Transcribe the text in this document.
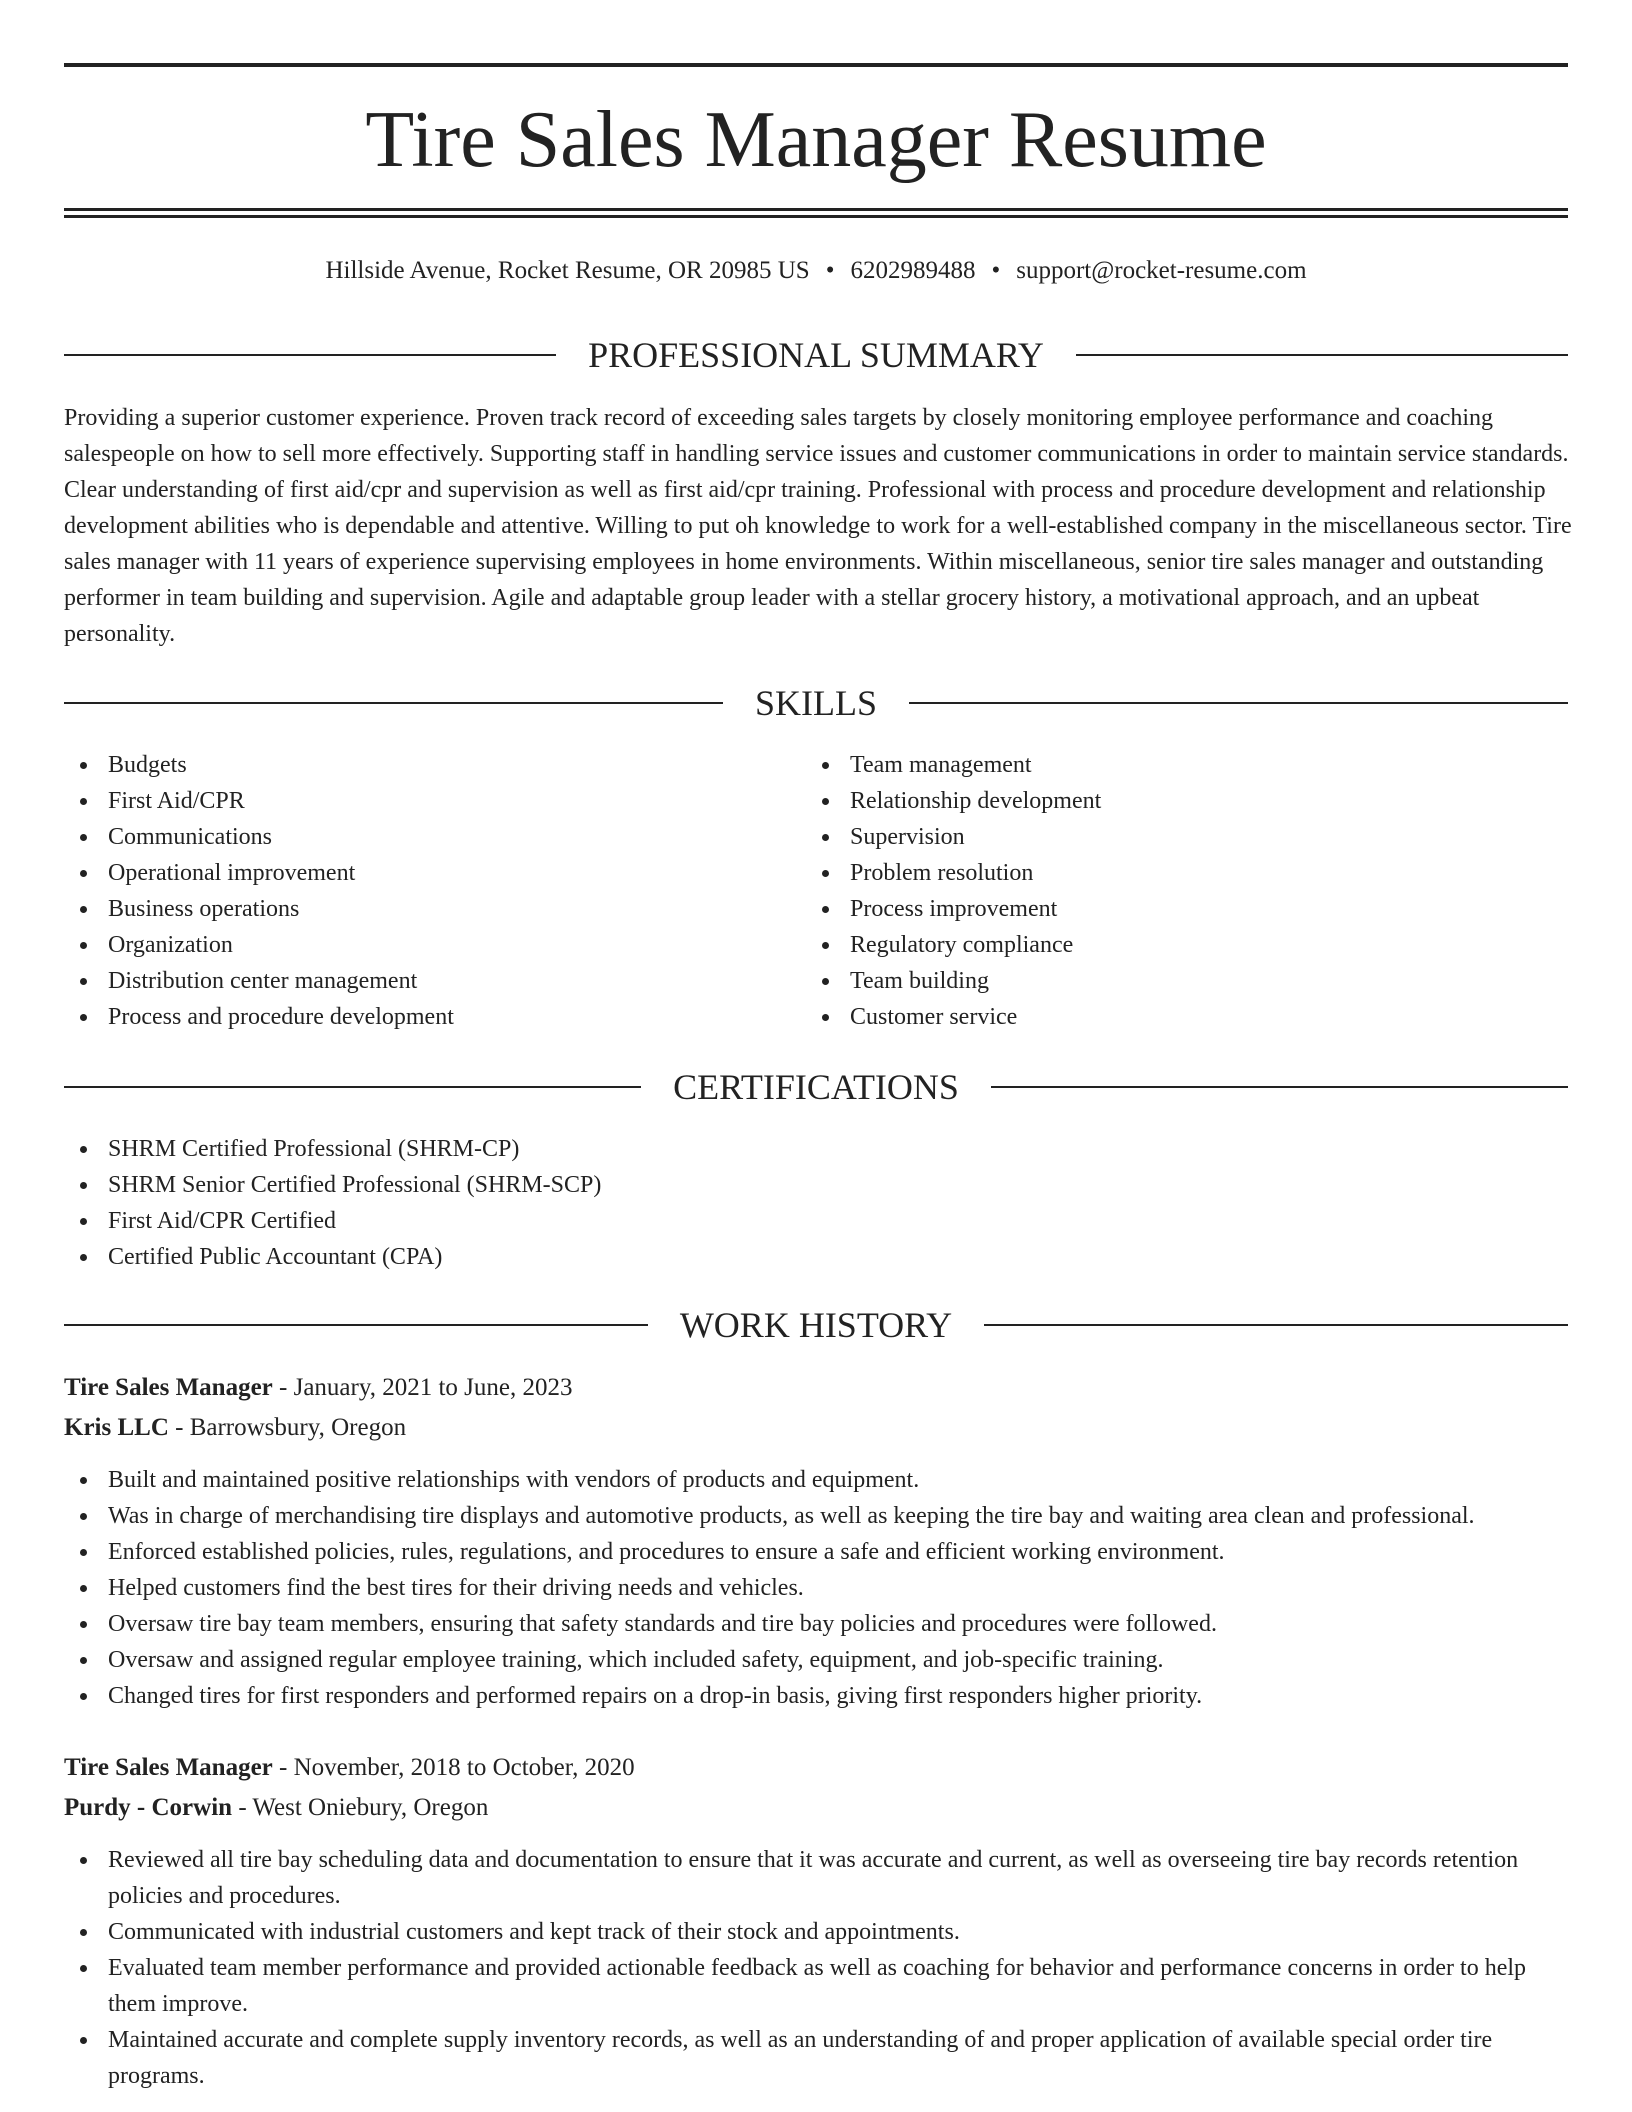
Tire Sales Manager Resume
Hillside Avenue, Rocket Resume, OR 20985 US • 6202989488 • support@rocket-resume.com
PROFESSIONAL SUMMARY

Providing a superior customer experience. Proven track record of exceeding sales targets by closely monitoring employee performance and coaching salespeople on how to sell more effectively. Supporting staff in handling service issues and customer communications in order to maintain service standards. Clear understanding of first aid/cpr and supervision as well as first aid/cpr training. Professional with process and procedure development and relationship development abilities who is dependable and attentive. Willing to put oh knowledge to work for a well-established company in the miscellaneous sector. Tire sales manager with 11 years of experience supervising employees in home environments. Within miscellaneous, senior tire sales manager and outstanding performer in team building and supervision. Agile and adaptable group leader with a stellar grocery history, a motivational approach, and an upbeat personality.

SKILLS
Budgets
First Aid/CPR
Communications
Operational improvement
Business operations
Organization
Distribution center management
Process and procedure development
Team management
Relationship development
Supervision
Problem resolution
Process improvement
Regulatory compliance
Team building
Customer service
CERTIFICATIONS
SHRM Certified Professional (SHRM-CP)
SHRM Senior Certified Professional (SHRM-SCP)
First Aid/CPR Certified
Certified Public Accountant (CPA)
WORK HISTORY
Tire Sales Manager - January, 2021 to June, 2023
Kris LLC - Barrowsbury, Oregon
Built and maintained positive relationships with vendors of products and equipment.
Was in charge of merchandising tire displays and automotive products, as well as keeping the tire bay and waiting area clean and professional.
Enforced established policies, rules, regulations, and procedures to ensure a safe and efficient working environment.
Helped customers find the best tires for their driving needs and vehicles.
Oversaw tire bay team members, ensuring that safety standards and tire bay policies and procedures were followed.
Oversaw and assigned regular employee training, which included safety, equipment, and job-specific training.
Changed tires for first responders and performed repairs on a drop-in basis, giving first responders higher priority.
Tire Sales Manager - November, 2018 to October, 2020
Purdy - Corwin - West Oniebury, Oregon
Reviewed all tire bay scheduling data and documentation to ensure that it was accurate and current, as well as overseeing tire bay records retention policies and procedures.
Communicated with industrial customers and kept track of their stock and appointments.
Evaluated team member performance and provided actionable feedback as well as coaching for behavior and performance concerns in order to help them improve.
Maintained accurate and complete supply inventory records, as well as an understanding of and proper application of available special order tire programs.
